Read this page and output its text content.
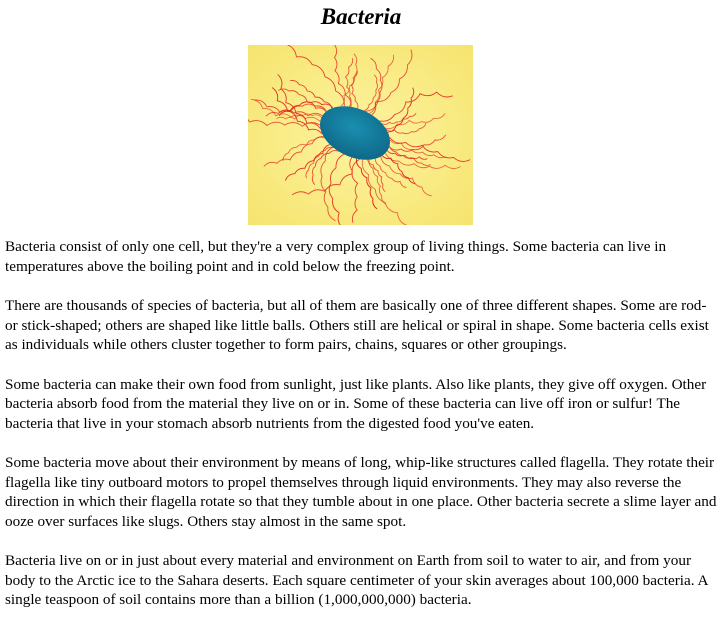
Bacteria

Bacteria consist of only one cell, but they're a very complex group of living things. Some bacteria can live in temperatures above the boiling point and in cold below the freezing point.

There are thousands of species of bacteria, but all of them are basically one of three different shapes. Some are rod- or stick-shaped; others are shaped like little balls. Others still are helical or spiral in shape. Some bacteria cells exist as individuals while others cluster together to form pairs, chains, squares or other groupings.

Some bacteria can make their own food from sunlight, just like plants. Also like plants, they give off oxygen. Other bacteria absorb food from the material they live on or in. Some of these bacteria can live off iron or sulfur! The bacteria that live in your stomach absorb nutrients from the digested food you've eaten.

Some bacteria move about their environment by means of long, whip-like structures called flagella. They rotate their flagella like tiny outboard motors to propel themselves through liquid environments. They may also reverse the direction in which their flagella rotate so that they tumble about in one place. Other bacteria secrete a slime layer and ooze over surfaces like slugs. Others stay almost in the same spot.

Bacteria live on or in just about every material and environment on Earth from soil to water to air, and from your body to the Arctic ice to the Sahara deserts. Each square centimeter of your skin averages about 100,000 bacteria. A single teaspoon of soil contains more than a billion (1,000,000,000) bacteria.
